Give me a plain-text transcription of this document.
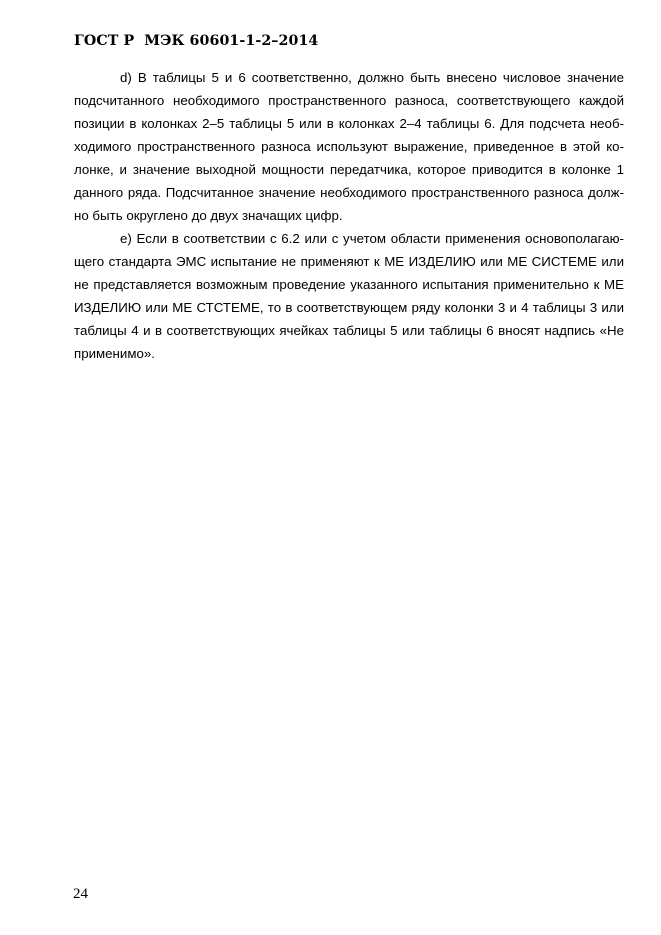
ГОСТ Р  МЭК 60601-1-2–2014
d) В таблицы 5 и 6 соответственно, должно быть внесено числовое значение
подсчитанного необходимого пространственного разноса, соответствующего каждой
позиции в колонках 2–5 таблицы 5 или в колонках 2–4 таблицы 6. Для подсчета необ-
ходимого пространственного разноса используют выражение, приведенное в этой ко-
лонке, и значение выходной мощности передатчика, которое приводится в колонке 1
данного ряда. Подсчитанное значение необходимого пространственного разноса долж-
но быть округлено до двух значащих цифр.
e) Если в соответствии с 6.2 или с учетом области применения основополагаю-
щего стандарта ЭМС испытание не применяют к МЕ ИЗДЕЛИЮ или МЕ СИСТЕМЕ или
не представляется возможным проведение указанного испытания применительно к МЕ
ИЗДЕЛИЮ или МЕ СТСТЕМЕ, то в соответствующем ряду колонки 3 и 4 таблицы 3 или
таблицы 4 и в соответствующих ячейках таблицы 5 или таблицы 6 вносят надпись «Не
применимо».
24
